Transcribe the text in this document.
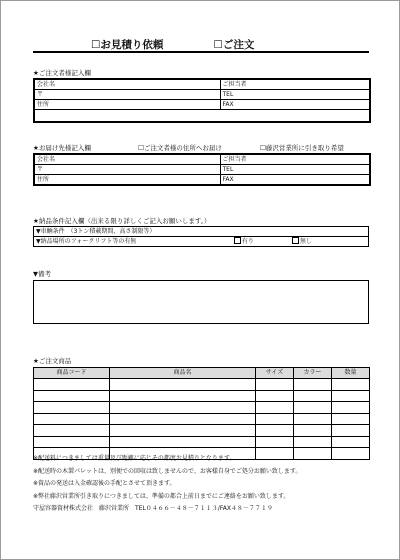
☐お見積り依頼	☐ご注文
★ご注文者様記入欄
会社名	ご担当者
〒	TEL
住所	FAX

★お届け先様記入欄	☐ご注文者様の住所へお届け	☐藤沢営業所に引き取り希望
会社名	ご担当者
〒	TEL
住所	FAX
★納品条件記入欄（出来る限り詳しくご記入お願いします。）
▼車輌条件　（3トン積載期間、高さ制限等）
▼納品場所のフォークリフト等の有無	有り	無し
▼備考
★ご注文商品
商品コード	商品名	サイズ	カラー	数量

※配送料につきましては重量及び距離に応じその都度お見積りとなります。
※配送時の木製パレットは、別便での回収は致しませんので、お客様自身でご処分お願い致します。
※資品の発送は入金確認後の手配とさせて頂きます。
※弊社藤沢営業所引き取りにつきましては、準備の都合上前日までにご連絡をお願い致します。
守屋容器資材株式会社　藤沢営業所　TEL０４６６－４８－７１１３/FAX４８－７７１９
